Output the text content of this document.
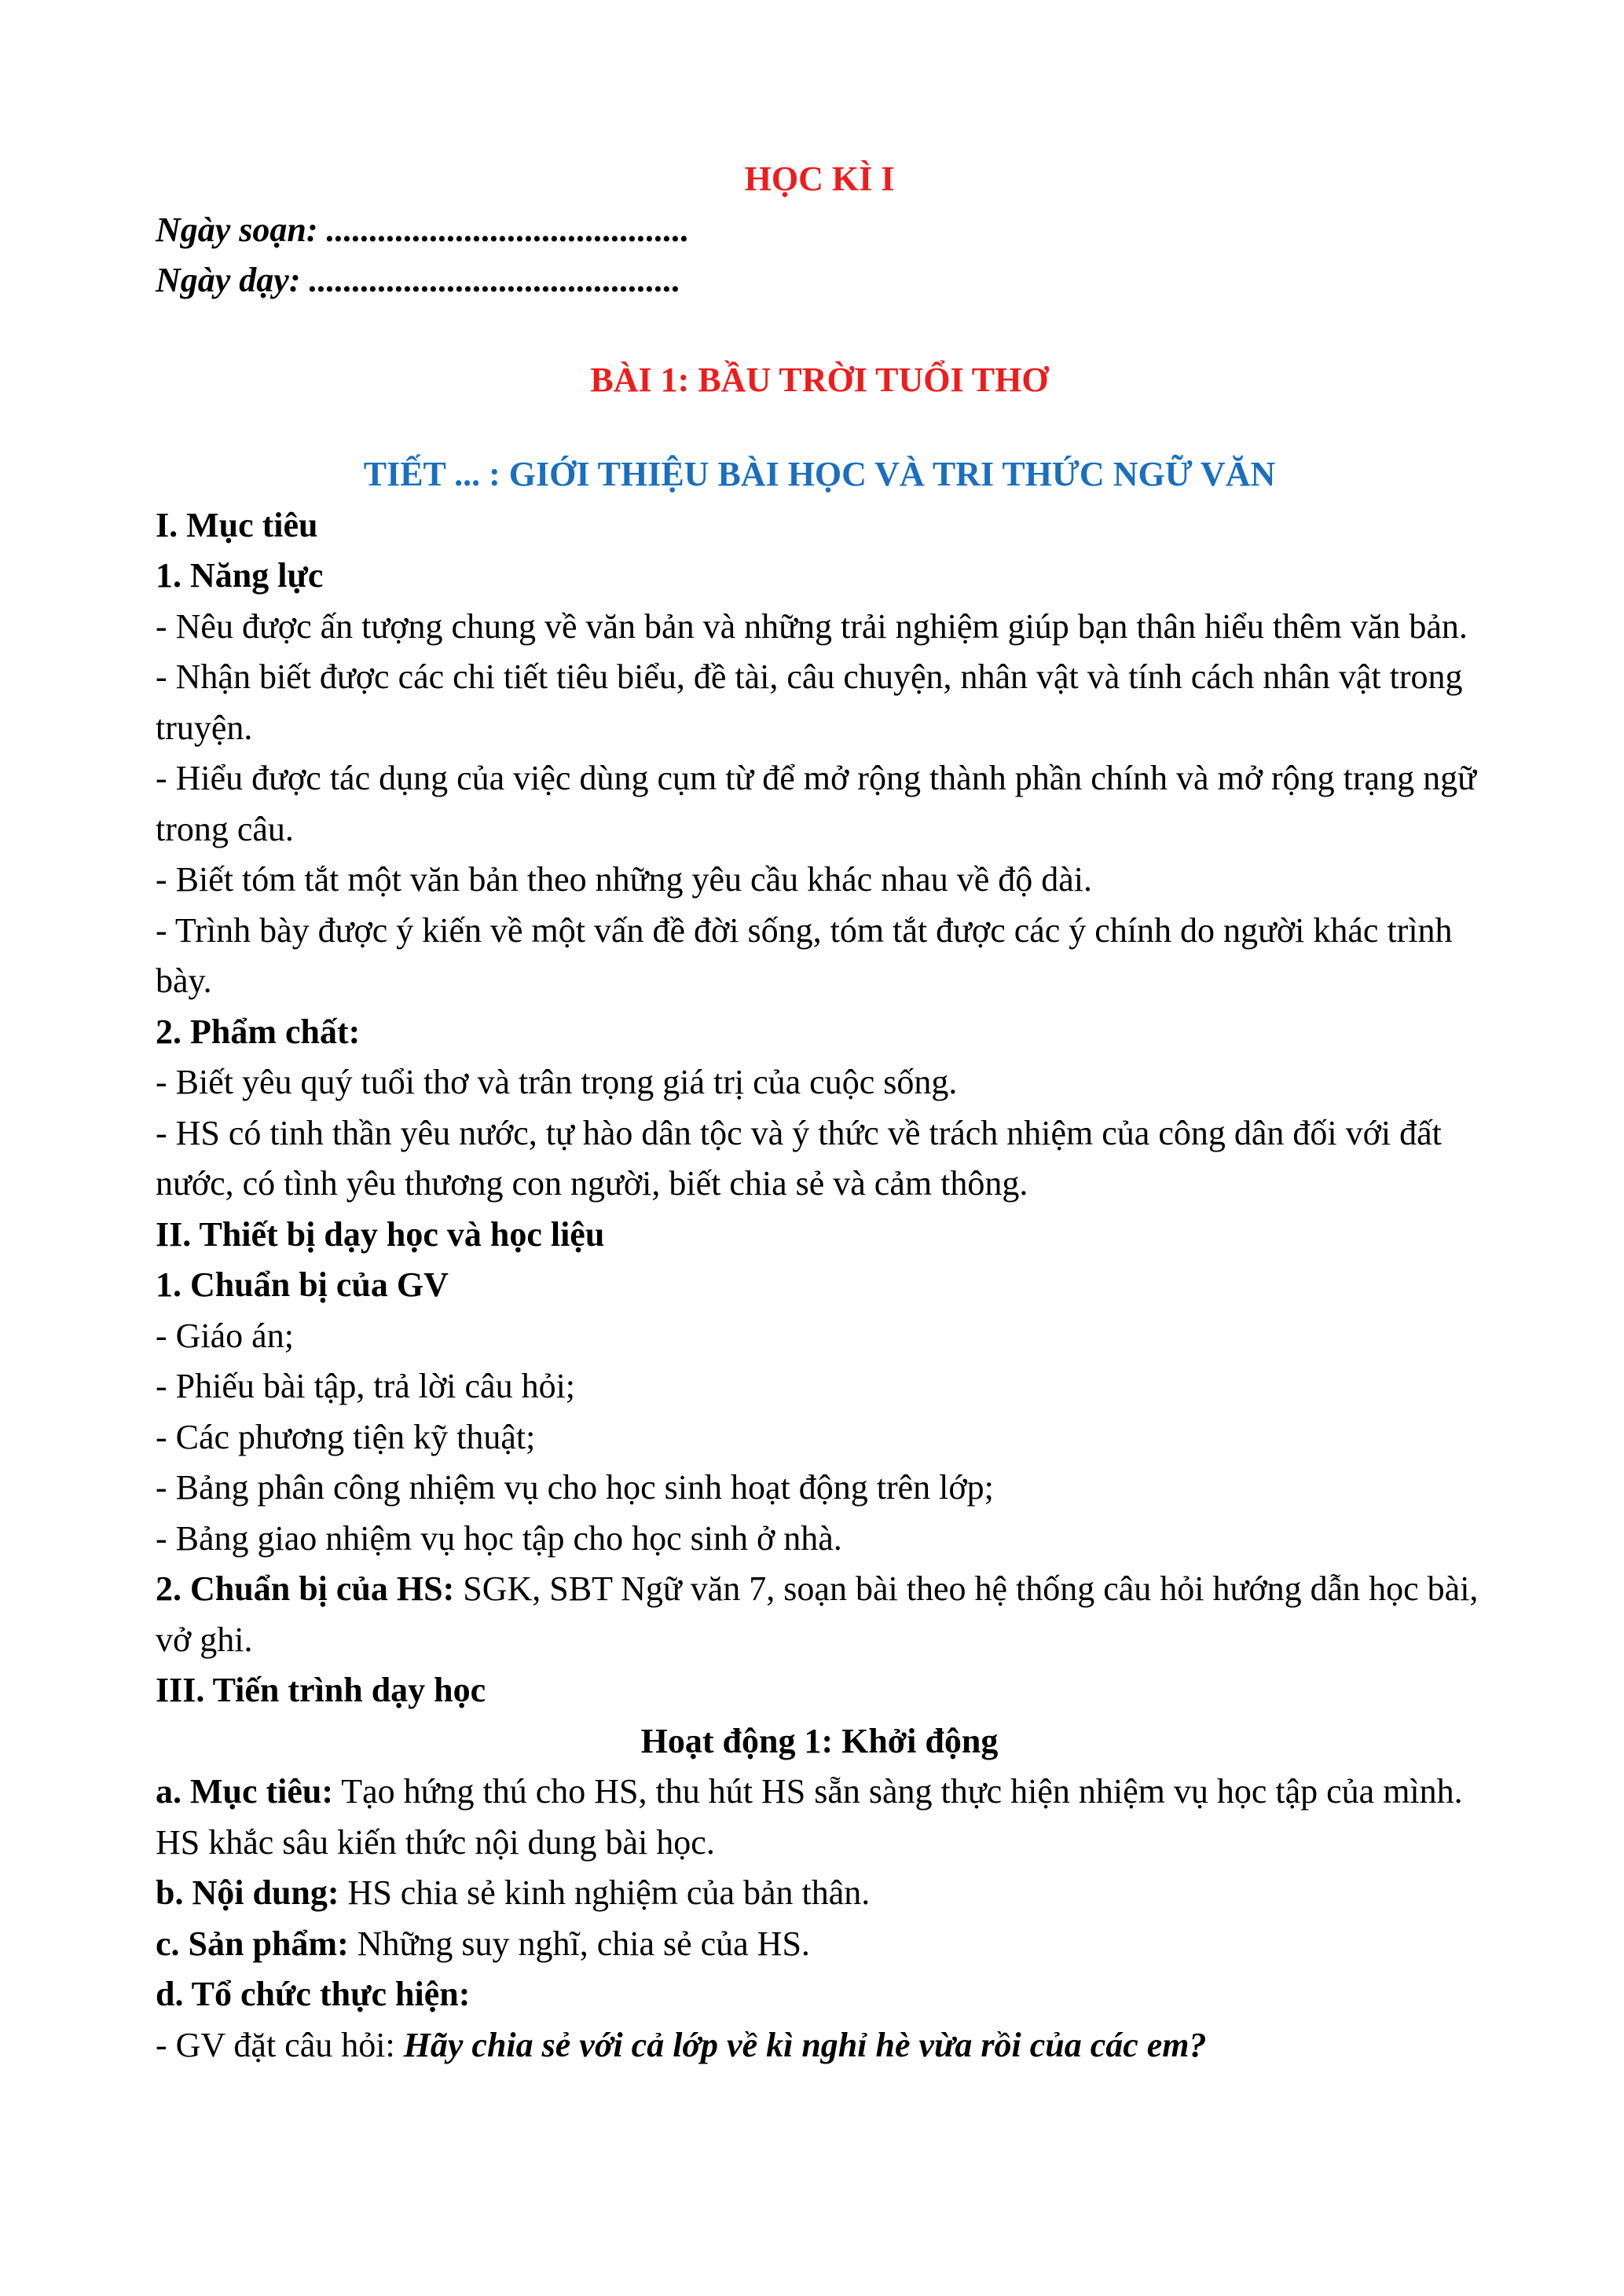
HỌC KÌ I

Ngày soạn: ..........................................

Ngày dạy: ...........................................

BÀI 1: BẦU TRỜI TUỔI THƠ

TIẾT ... : GIỚI THIỆU BÀI HỌC VÀ TRI THỨC NGỮ VĂN

I. Mục tiêu

1. Năng lực

- Nêu được ấn tượng chung về văn bản và những trải nghiệm giúp bạn thân hiểu thêm văn bản.

- Nhận biết được các chi tiết tiêu biểu, đề tài, câu chuyện, nhân vật và tính cách nhân vật trong truyện.

- Hiểu được tác dụng của việc dùng cụm từ để mở rộng thành phần chính và mở rộng trạng ngữ trong câu.

- Biết tóm tắt một văn bản theo những yêu cầu khác nhau về độ dài.

- Trình bày được ý kiến về một vấn đề đời sống, tóm tắt được các ý chính do người khác trình bày.

2. Phẩm chất:

- Biết yêu quý tuổi thơ và trân trọng giá trị của cuộc sống.

- HS có tinh thần yêu nước, tự hào dân tộc và ý thức về trách nhiệm của công dân đối với đất nước, có tình yêu thương con người, biết chia sẻ và cảm thông.

II. Thiết bị dạy học và học liệu

1. Chuẩn bị của GV

- Giáo án;

- Phiếu bài tập, trả lời câu hỏi;

- Các phương tiện kỹ thuật;

- Bảng phân công nhiệm vụ cho học sinh hoạt động trên lớp;

- Bảng giao nhiệm vụ học tập cho học sinh ở nhà.

2. Chuẩn bị của HS: SGK, SBT Ngữ văn 7, soạn bài theo hệ thống câu hỏi hướng dẫn học bài, vở ghi.

III. Tiến trình dạy học

Hoạt động 1: Khởi động

a. Mục tiêu: Tạo hứng thú cho HS, thu hút HS sẵn sàng thực hiện nhiệm vụ học tập của mình. HS khắc sâu kiến thức nội dung bài học.

b. Nội dung: HS chia sẻ kinh nghiệm của bản thân.

c. Sản phẩm: Những suy nghĩ, chia sẻ của HS.

d. Tổ chức thực hiện:

- GV đặt câu hỏi: Hãy chia sẻ với cả lớp về kì nghỉ hè vừa rồi của các em?
